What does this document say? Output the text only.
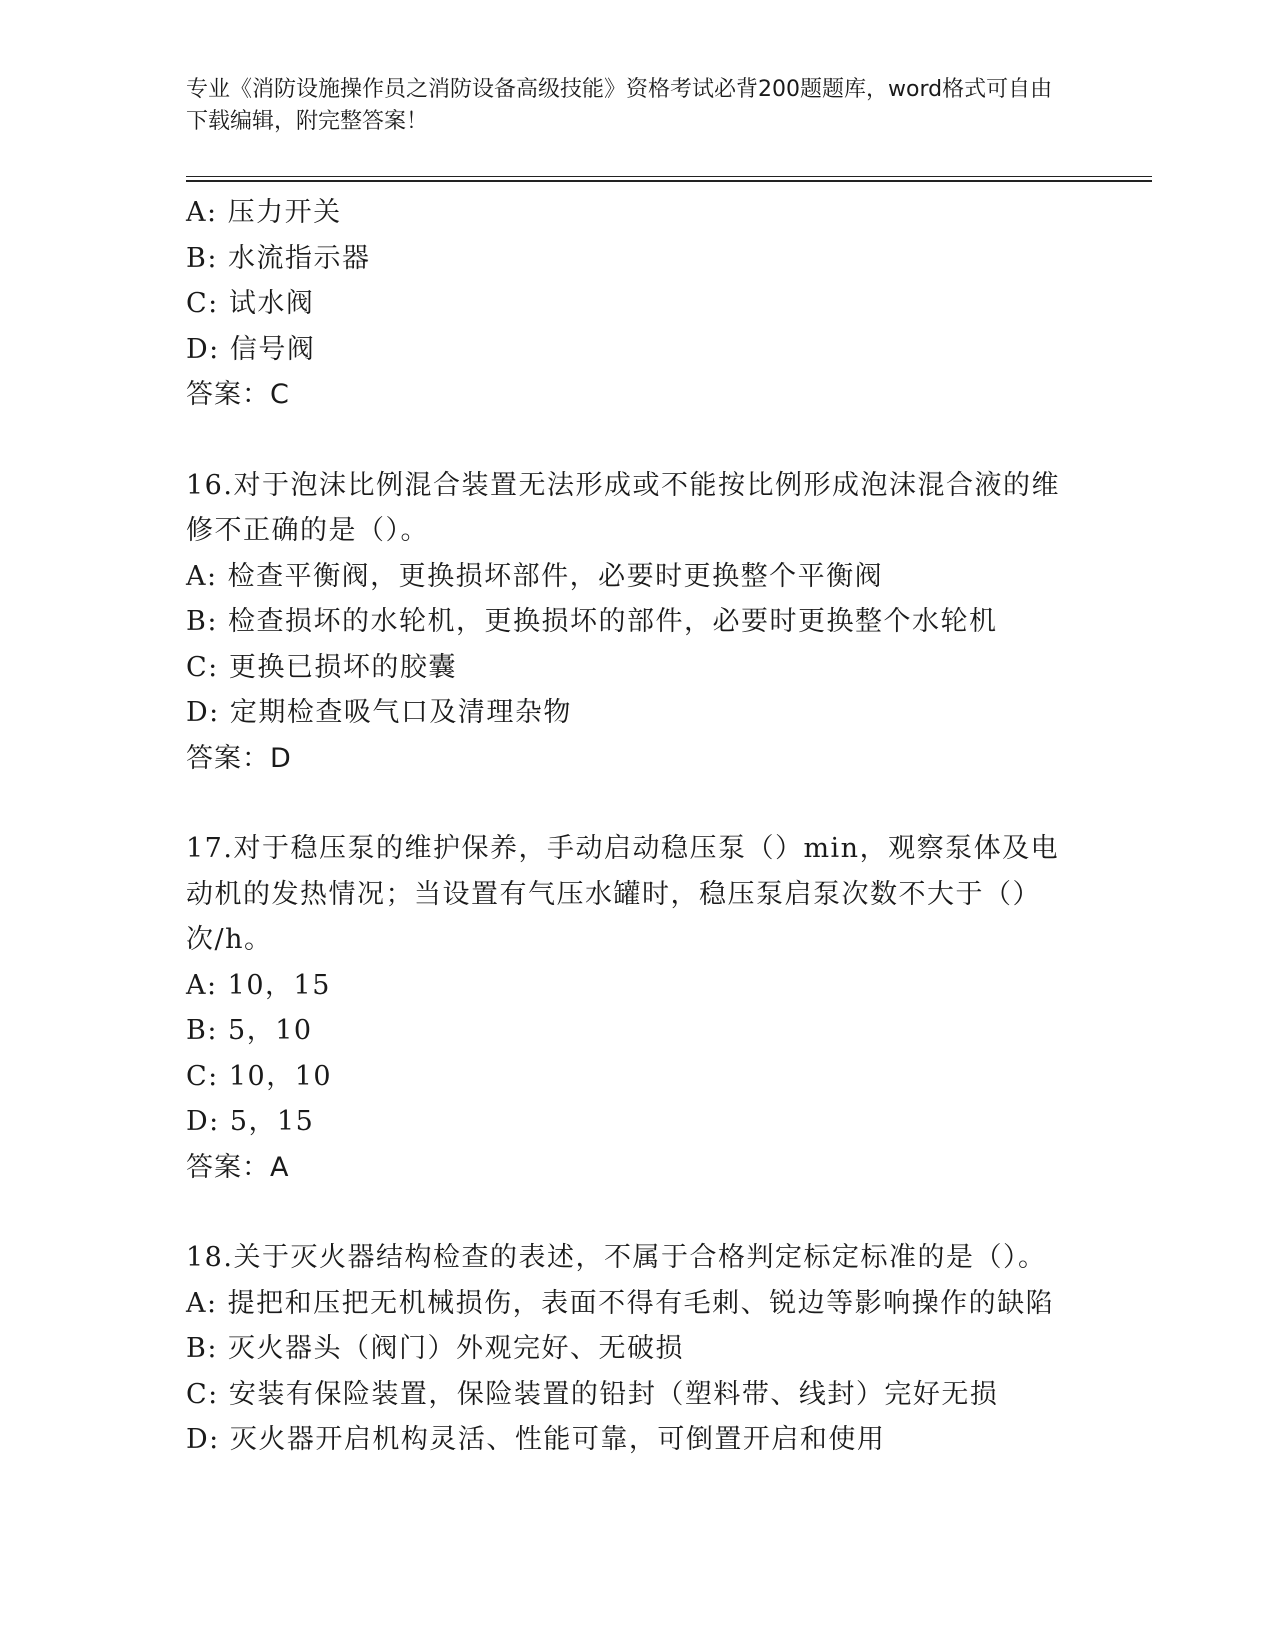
专业《消防设施操作员之消防设备高级技能》资格考试必背200题题库，word格式可自由下载编辑，附完整答案！
A: 压力开关
B: 水流指示器
C: 试水阀
D: 信号阀
答案：C
16.对于泡沫比例混合装置无法形成或不能按比例形成泡沫混合液的维
修不正确的是（）。
A: 检查平衡阀，更换损坏部件，必要时更换整个平衡阀
B: 检查损坏的水轮机，更换损坏的部件，必要时更换整个水轮机
C: 更换已损坏的胶囊
D: 定期检查吸气口及清理杂物
答案：D
17.对于稳压泵的维护保养，手动启动稳压泵（）min，观察泵体及电
动机的发热情况；当设置有气压水罐时，稳压泵启泵次数不大于（）
次/h。
A: 10，15
B: 5，10
C: 10，10
D: 5，15
答案：A
18.关于灭火器结构检查的表述，不属于合格判定标定标准的是（）。
A: 提把和压把无机械损伤，表面不得有毛刺、锐边等影响操作的缺陷
B: 灭火器头（阀门）外观完好、无破损
C: 安装有保险装置，保险装置的铅封（塑料带、线封）完好无损
D: 灭火器开启机构灵活、性能可靠，可倒置开启和使用
